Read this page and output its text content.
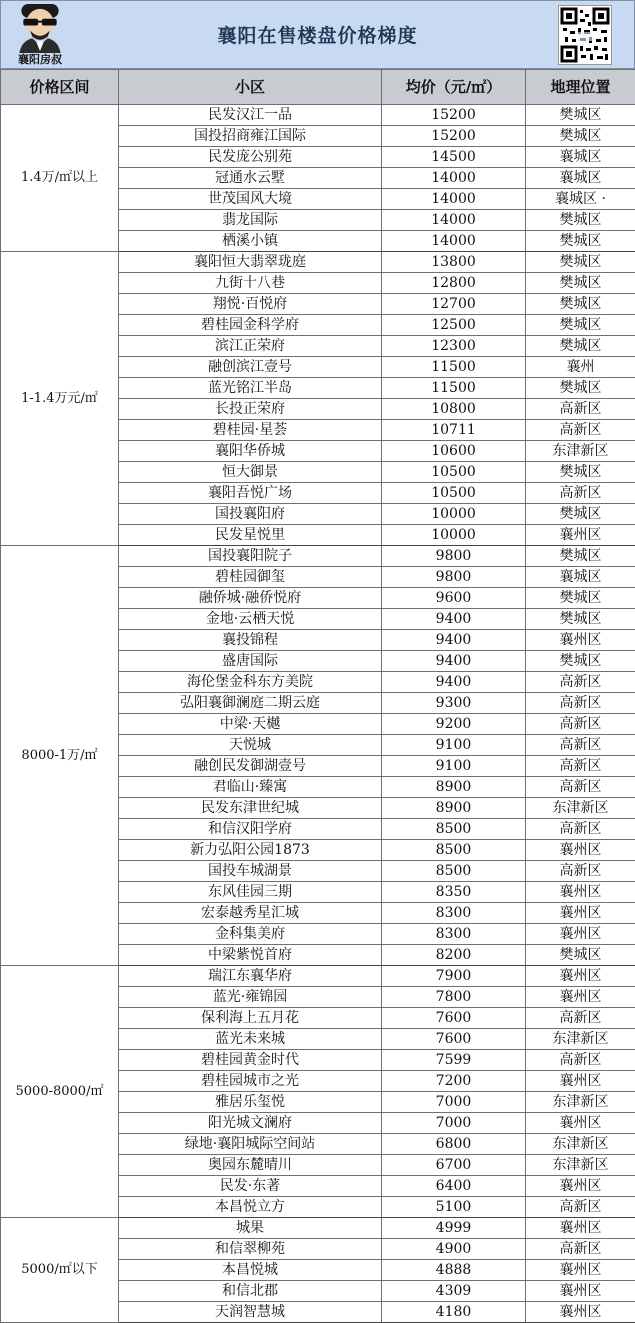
襄阳房叔
襄阳在售楼盘价格梯度
价格区间	小区	均价（元/㎡）	地理位置
1.4万/㎡以上	民发汉江一品	15200	樊城区
	国投招商雍江国际	15200	樊城区
	民发庞公别苑	14500	襄城区
	冠通水云墅	14000	襄城区
	世茂国风大境	14000	襄城区 ·
	翡龙国际	14000	樊城区
	栖溪小镇	14000	樊城区
1-1.4万元/㎡	襄阳恒大翡翠珑庭	13800	樊城区
	九街十八巷	12800	樊城区
	翔悦·百悦府	12700	樊城区
	碧桂园金科学府	12500	樊城区
	滨江正荣府	12300	樊城区
	融创滨江壹号	11500	襄州
	蓝光铭江半岛	11500	樊城区
	长投正荣府	10800	高新区
	碧桂园·星荟	10711	高新区
	襄阳华侨城	10600	东津新区
	恒大御景	10500	樊城区
	襄阳吾悦广场	10500	高新区
	国投襄阳府	10000	樊城区
	民发星悦里	10000	襄州区
8000-1万/㎡	国投襄阳院子	9800	樊城区
	碧桂园御玺	9800	襄城区
	融侨城·融侨悦府	9600	樊城区
	金地·云栖天悦	9400	樊城区
	襄投锦程	9400	襄州区
	盛唐国际	9400	樊城区
	海伦堡金科东方美院	9400	高新区
	弘阳襄御澜庭二期云庭	9300	高新区
	中梁·天樾	9200	高新区
	天悦城	9100	高新区
	融创民发御湖壹号	9100	高新区
	君临山·臻寓	8900	高新区
	民发东津世纪城	8900	东津新区
	和信汉阳学府	8500	高新区
	新力弘阳公园1873	8500	襄州区
	国投车城湖景	8500	高新区
	东风佳园三期	8350	襄州区
	宏泰越秀星汇城	8300	襄州区
	金科集美府	8300	襄州区
	中梁紫悦首府	8200	樊城区
5000-8000/㎡	瑞江东襄华府	7900	襄州区
	蓝光·雍锦园	7800	襄州区
	保利海上五月花	7600	高新区
	蓝光未来城	7600	东津新区
	碧桂园黄金时代	7599	高新区
	碧桂园城市之光	7200	襄州区
	雅居乐玺悦	7000	东津新区
	阳光城文澜府	7000	襄州区
	绿地·襄阳城际空间站	6800	东津新区
	奥园东麓晴川	6700	东津新区
	民发·东著	6400	襄州区
	本昌悦立方	5100	高新区
5000/㎡以下	城果	4999	襄州区
	和信翠柳苑	4900	高新区
	本昌悦城	4888	襄州区
	和信北郡	4309	襄州区
	天润智慧城	4180	襄州区
